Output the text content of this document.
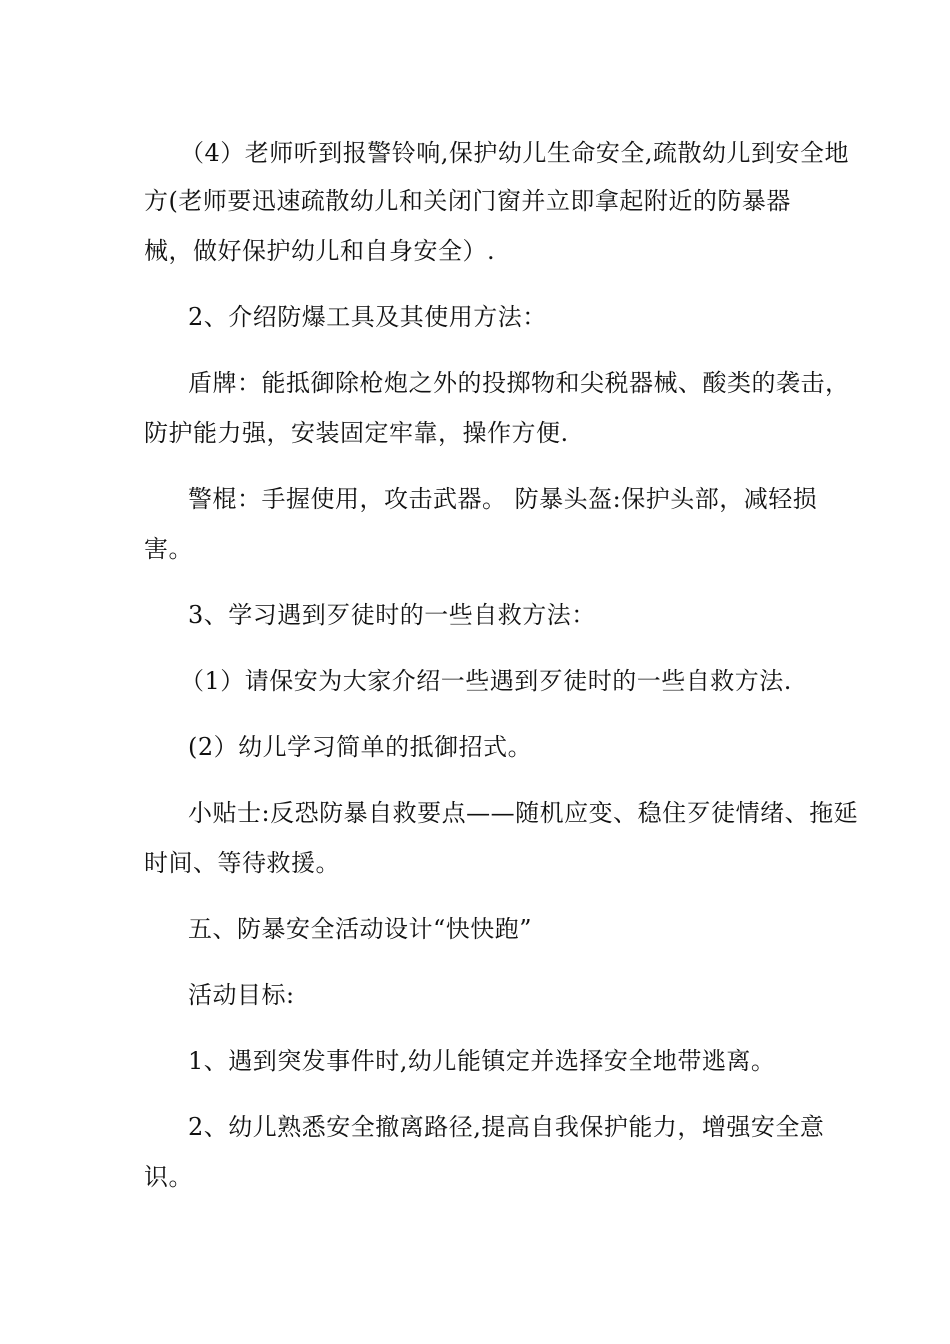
（4）老师听到报警铃响,保护幼儿生命安全,疏散幼儿到安全地
方(老师要迅速疏散幼儿和关闭门窗并立即拿起附近的防暴器
械，做好保护幼儿和自身安全）.
2、介绍防爆工具及其使用方法：
盾牌：能抵御除枪炮之外的投掷物和尖税器械、酸类的袭击，
防护能力强，安装固定牢靠，操作方便.
警棍：手握使用，攻击武器。 防暴头盔:保护头部，减轻损
害。
3、学习遇到歹徒时的一些自救方法：
（1）请保安为大家介绍一些遇到歹徒时的一些自救方法.
(2）幼儿学习简单的抵御招式。
小贴士:反恐防暴自救要点——随机应变、稳住歹徒情绪、拖延
时间、等待救援。
五、防暴安全活动设计“快快跑”
活动目标:
1、遇到突发事件时,幼儿能镇定并选择安全地带逃离。
2、幼儿熟悉安全撤离路径,提高自我保护能力，增强安全意
识。
